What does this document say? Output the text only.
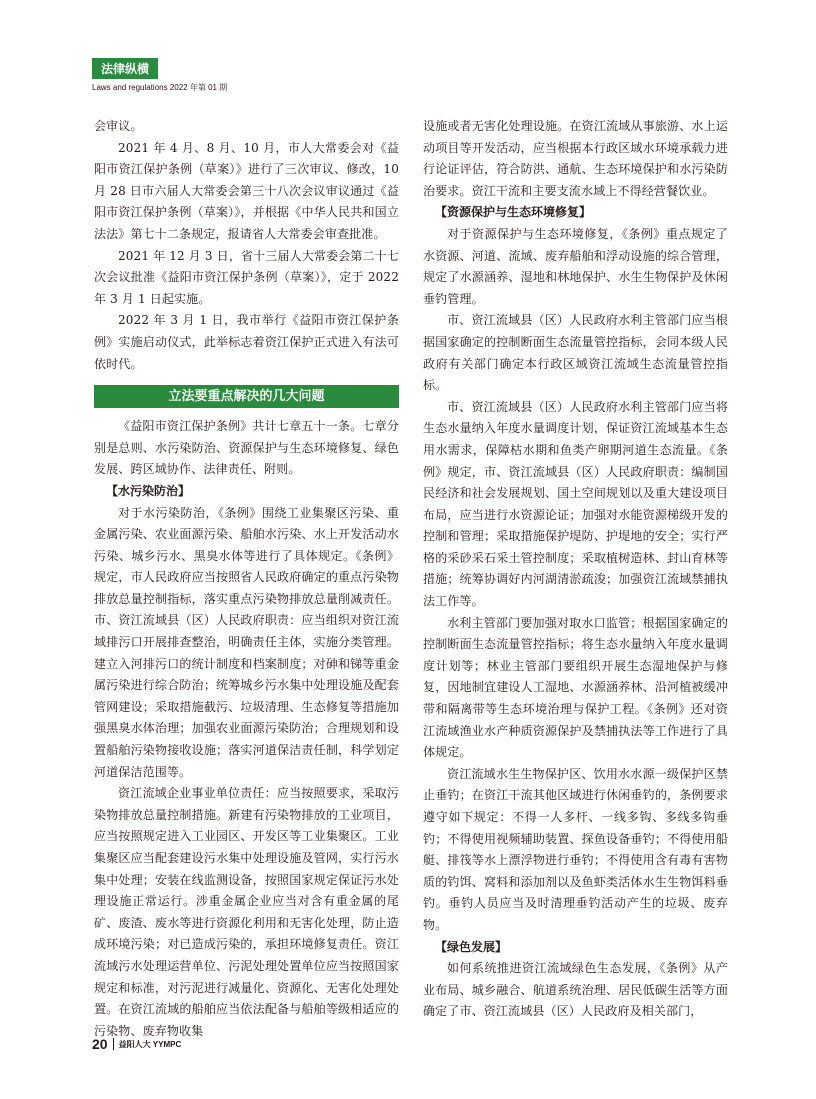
法律纵横
Laws and regulations 2022 年第 01 期

会审议。

2021 年 4 月、8 月、10 月，市人大常委会对《益阳市资江保护条例（草案）》进行了三次审议、修改，10 月 28 日市六届人大常委会第三十八次会议审议通过《益阳市资江保护条例（草案）》，并根据《中华人民共和国立法法》第七十二条规定，报请省人大常委会审查批准。

2021 年 12 月 3 日，省十三届人大常委会第二十七次会议批准《益阳市资江保护条例（草案）》，定于 2022 年 3 月 1 日起实施。

2022 年 3 月 1 日，我市举行《益阳市资江保护条例》实施启动仪式，此举标志着资江保护正式进入有法可依时代。

立法要重点解决的几大问题

《益阳市资江保护条例》共计七章五十一条。七章分别是总则、水污染防治、资源保护与生态环境修复、绿色发展、跨区域协作、法律责任、附则。

【水污染防治】

对于水污染防治，《条例》围绕工业集聚区污染、重金属污染、农业面源污染、船舶水污染、水上开发活动水污染、城乡污水、黑臭水体等进行了具体规定。《条例》规定，市人民政府应当按照省人民政府确定的重点污染物排放总量控制指标，落实重点污染物排放总量削减责任。市、资江流域县（区）人民政府职责：应当组织对资江流域排污口开展排查整治，明确责任主体，实施分类管理。建立入河排污口的统计制度和档案制度；对砷和锑等重金属污染进行综合防治；统筹城乡污水集中处理设施及配套管网建设；采取措施截污、垃圾清理、生态修复等措施加强黑臭水体治理；加强农业面源污染防治；合理规划和设置船舶污染物接收设施；落实河道保洁责任制，科学划定河道保洁范围等。

资江流域企业事业单位责任：应当按照要求，采取污染物排放总量控制措施。新建有污染物排放的工业项目，应当按照规定进入工业园区、开发区等工业集聚区。工业集聚区应当配套建设污水集中处理设施及管网，实行污水集中处理；安装在线监测设备，按照国家规定保证污水处理设施正常运行。涉重金属企业应当对含有重金属的尾矿、废渣、废水等进行资源化利用和无害化处理，防止造成环境污染；对已造成污染的，承担环境修复责任。资江流域污水处理运营单位、污泥处理处置单位应当按照国家规定和标准，对污泥进行减量化、资源化、无害化处理处置。在资江流域的船舶应当依法配备与船舶等级相适应的污染物、废弃物收集

设施或者无害化处理设施。在资江流域从事旅游、水上运动项目等开发活动，应当根据本行政区域水环境承载力进行论证评估，符合防洪、通航、生态环境保护和水污染防治要求。资江干流和主要支流水域上不得经营餐饮业。

【资源保护与生态环境修复】

对于资源保护与生态环境修复，《条例》重点规定了水资源、河道、流域、废弃船舶和浮动设施的综合管理，规定了水源涵养、湿地和林地保护、水生生物保护及休闲垂钓管理。

市、资江流域县（区）人民政府水利主管部门应当根据国家确定的控制断面生态流量管控指标，会同本级人民政府有关部门确定本行政区域资江流域生态流量管控指标。

市、资江流域县（区）人民政府水利主管部门应当将生态水量纳入年度水量调度计划，保证资江流域基本生态用水需求，保障枯水期和鱼类产卵期河道生态流量。《条例》规定，市、资江流域县（区）人民政府职责：编制国民经济和社会发展规划、国土空间规划以及重大建设项目布局，应当进行水资源论证；加强对水能资源梯级开发的控制和管理；采取措施保护堤防、护堤地的安全；实行严格的采砂采石采土管控制度；采取植树造林、封山育林等措施；统筹协调好内河湖清淤疏浚；加强资江流域禁捕执法工作等。

水利主管部门要加强对取水口监管；根据国家确定的控制断面生态流量管控指标；将生态水量纳入年度水量调度计划等；林业主管部门要组织开展生态湿地保护与修复，因地制宜建设人工湿地、水源涵养林、沿河植被缓冲带和隔离带等生态环境治理与保护工程。《条例》还对资江流域渔业水产种质资源保护及禁捕执法等工作进行了具体规定。

资江流域水生生物保护区、饮用水水源一级保护区禁止垂钓；在资江干流其他区域进行休闲垂钓的，条例要求遵守如下规定：不得一人多杆、一线多钩、多线多钩垂钓；不得使用视频辅助装置、探鱼设备垂钓；不得使用船艇、排筏等水上漂浮物进行垂钓；不得使用含有毒有害物质的钓饵、窝料和添加剂以及鱼虾类活体水生生物饵料垂钓。垂钓人员应当及时清理垂钓活动产生的垃圾、废弃物。

【绿色发展】

如何系统推进资江流域绿色生态发展，《条例》从产业布局、城乡融合、航道系统治理、居民低碳生活等方面确定了市、资江流域县（区）人民政府及相关部门，

20 益阳人大 YYMPC
